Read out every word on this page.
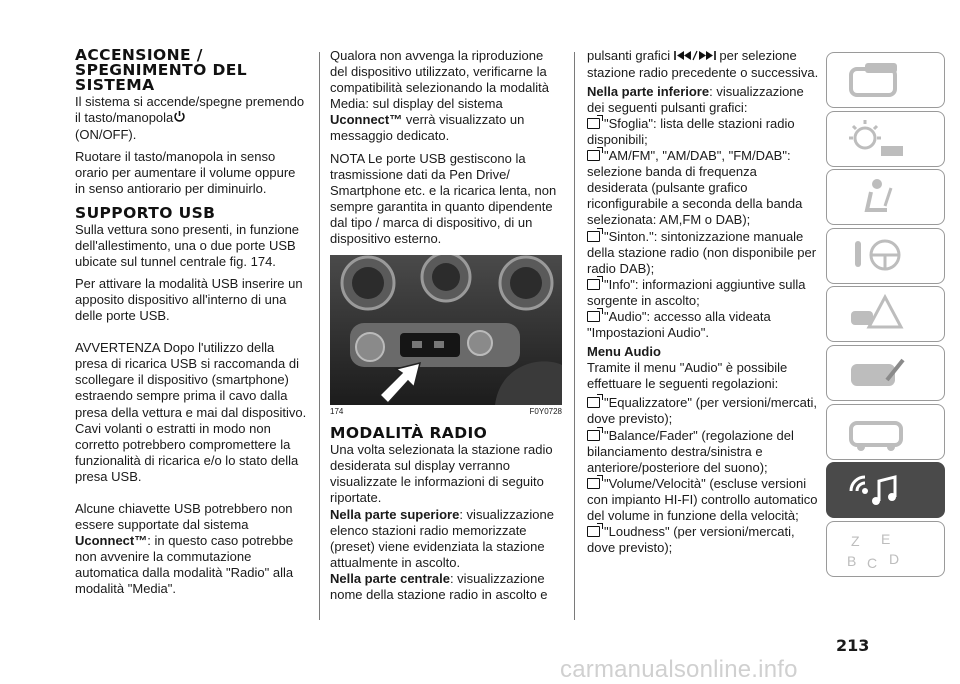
ACCENSIONE / SPEGNIMENTO DEL SISTEMA

Il sistema si accende/spegne premendo il tasto/manopola
(ON/OFF).

Ruotare il tasto/manopola in senso orario per aumentare il volume oppure in senso antiorario per diminuirlo.

SUPPORTO USB

Sulla vettura sono presenti, in funzione dell'allestimento, una o due porte USB ubicate sul tunnel centrale fig. 174.

Per attivare la modalità USB inserire un apposito dispositivo all'interno di una delle porte USB.

AVVERTENZA Dopo l'utilizzo della presa di ricarica USB si raccomanda di scollegare il dispositivo (smartphone) estraendo sempre prima il cavo dalla presa della vettura e mai dal dispositivo. Cavi volanti o estratti in modo non corretto potrebbero compromettere la funzionalità di ricarica e/o lo stato della presa USB.

Alcune chiavette USB potrebbero non essere supportate dal sistema Uconnect™: in questo caso potrebbe non avvenire la commutazione automatica dalla modalità "Radio" alla modalità "Media".

Qualora non avvenga la riproduzione del dispositivo utilizzato, verificarne la compatibilità selezionando la modalità Media: sul display del sistema Uconnect™ verrà visualizzato un messaggio dedicato.

NOTA Le porte USB gestiscono la trasmissione dati da Pen Drive/ Smartphone etc. e la ricarica lenta, non sempre garantita in quanto dipendente dal tipo / marca di dispositivo, di un dispositivo esterno.

174	F0Y0728
MODALITÀ RADIO

Una volta selezionata la stazione radio desiderata sul display verranno visualizzate le informazioni di seguito riportate.

Nella parte superiore: visualizzazione elenco stazioni radio memorizzate (preset) viene evidenziata la stazione attualmente in ascolto.

Nella parte centrale: visualizzazione nome della stazione radio in ascolto e

pulsanti grafici	per selezione stazione radio precedente o successiva.

Nella parte inferiore: visualizzazione dei seguenti pulsanti grafici:

"Sfoglia": lista delle stazioni radio disponibili;

"AM/FM", "AM/DAB", "FM/DAB": selezione banda di frequenza desiderata (pulsante grafico riconfigurabile a seconda della banda selezionata: AM,FM o DAB);

"Sinton.": sintonizzazione manuale della stazione radio (non disponibile per radio DAB);

"Info": informazioni aggiuntive sulla sorgente in ascolto;

"Audio": accesso alla videata "Impostazioni Audio".

Menu Audio

Tramite il menu "Audio" è possibile effettuare le seguenti regolazioni:

"Equalizzatore" (per versioni/mercati, dove previsto);

"Balance/Fader" (regolazione del bilanciamento destra/sinistra e anteriore/posteriore del suono);

"Volume/Velocità" (escluse versioni con impianto HI-FI) controllo automatico del volume in funzione della velocità;

"Loudness" (per versioni/mercati, dove previsto);	Z E
B C D
213
carmanualsonline.info
